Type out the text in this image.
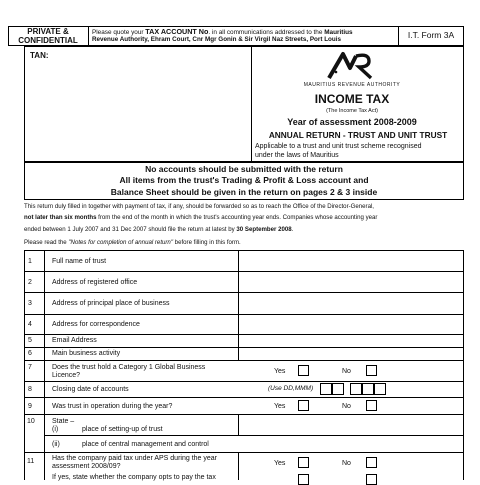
PRIVATE &
CONFIDENTIAL
Please quote your TAX ACCOUNT No. in all communications addressed to the Mauritius
Revenue Authority, Ehram Court, Cnr Mgr Gonin & Sir Virgil Naz Streets, Port Louis	I.T. Form 3A
TAN:
MAURITIUS REVENUE AUTHORITY
INCOME TAX
(The Income Tax Act)
Year of assessment 2008-2009
ANNUAL RETURN - TRUST AND UNIT TRUST
Applicable to a trust and unit trust scheme recognised
under the laws of Mauritius
No accounts should be submitted with the return
All items from the trust's Trading & Profit & Loss account and
Balance Sheet should be given in the return on pages 2 & 3 inside
This return duly filled in together with payment of tax, if any, should be forwarded so as to reach the Office of the Director-General,
not later than six months from the end of the month in which the trust's accounting year ends. Companies whose accounting year
ended between 1 July 2007 and 31 Dec 2007 should file the return at latest by 30 September 2008.
Please read the "Notes for completion of annual return" before filling in this form.
1	Full name of trust
2	Address of registered office
3	Address of principal place of business
4	Address for correspondence
5	Email Address
6	Main business activity
7	Does the trust hold a Category 1 Global Business
Licence?
Yes	No
8	Closing date of accounts	(Use DD,MMM)
9	Was trust in operation during the year?	Yes	No
10 State –
(i)	place of setting-up of trust
(ii)	place of central management and control
11	Has the company paid tax under APS during the year
assessment 2008/09?
If yes, state whether the company opts to pay the tax
Yes	No
